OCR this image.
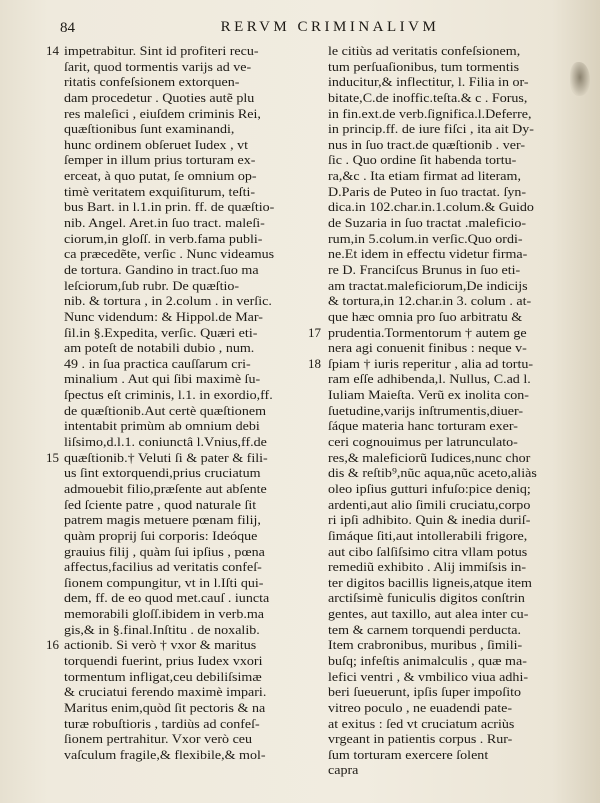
84	RERVM CRIMINALIVM
14 impetrabitur. Sint id profiteri recu-
ſarit, quod tormentis varijs ad ve-
ritatis confeſsionem extorquen-
dam procedetur . Quoties autẽ plu
res maleſici , eiuſdem criminis Rei,
quæſtionibus ſunt examinandi,
hunc ordinem obſeruet Iudex , vt
ſemper in illum prius torturam ex-
erceat, à quo putat, ſe omnium op-
timè veritatem exquiſiturum, teſti-
bus Bart. in l.1.in prin. ff. de quæſtio-
nib. Angel. Aret.in ſuo tract. maleſi-
ciorum,in gloſſ. in verb.fama publi-
ca præcedẽte, verſic . Nunc videamus
de tortura. Gandino in tract.ſuo ma
leſciorum,ſub rubr. De quæſtio-
nib. & tortura , in 2.colum . in verſic.
Nunc videndum: & Hippol.de Mar-
ſil.in §.Expedita, verſic. Quæri eti-
am poteſt de notabili dubio , num.
49 . in ſua practica cauſſarum cri-
minalium . Aut qui ſibi maximè ſu-
ſpectus eſt criminis, l.1. in exordio,ff.
de quæſtionib.Aut certè quæſtionem
intentabit primùm ab omnium debi
liſsimo,d.l.1. coniunctâ l.Vnius,ff.de
15 quæſtionib.† Veluti ſi & pater & fili-
us ſint extorquendi,prius cruciatum
admouebit filio,præſente aut abſente
ſed ſciente patre , quod naturale ſit
patrem magis metuere pœnam filij,
quàm proprij ſui corporis: Ideóque
grauius filij , quàm ſui ipſius , pœna
affectus,facilius ad veritatis confeſ-
ſionem compungitur, vt in l.Iſti qui-
dem, ff. de eo quod met.cauſ . iuncta
memorabili gloſſ.ibidem in verb.ma
gis,& in §.final.Inſtitu . de noxalib.
16 actionib. Si verò † vxor & maritus
torquendi fuerint, prius Iudex vxori
tormentum infligat,ceu debiliſsimæ
& cruciatui ferendo maximè impari.
Maritus enim,quòd ſit pectoris & na
turæ robuſtioris , tardiùs ad confeſ-
ſionem pertrahitur. Vxor verò ceu
vaſculum fragile,& flexibile,& mol-
le citiùs ad veritatis confeſsionem,
tum perſuaſionibus, tum tormentis
inducitur,& inflectitur, l. Filia in or-
bitate,C.de inoffic.teſta.& c . Forus,
in fin.ext.de verb.ſignifica.l.Deferre,
in princip.ff. de iure fiſci , ita ait Dy-
nus in ſuo tract.de quæſtionib . ver-
ſic . Quo ordine ſit habenda tortu-
ra,&c . Ita etiam firmat ad literam,
D.Paris de Puteo in ſuo tractat. ſyn-
dica.in 102.char.in.1.colum.& Guido
de Suzaria in ſuo tractat .maleficio-
rum,in 5.colum.in verſic.Quo ordi-
ne.Et idem in effectu videtur firma-
re D. Franciſcus Brunus in ſuo eti-
am tractat.maleficiorum,De indicijs
& tortura,in 12.char.in 3. colum . at-
que hæc omnia pro ſuo arbitratu &
17 prudentia.Tormentorum † autem ge
nera agi conuenit finibus : neque v-
18 ſpiam † iuris reperitur , alia ad tortu-
ram eſſe adhibenda,l. Nullus, C.ad l.
Iuliam Maieſta. Verũ ex inolita con-
ſuetudine,varijs inſtrumentis,diuer-
ſáque materia hanc torturam exer-
ceri cognouimus per latrunculato-
res,& maleficiorũ Iudices,nunc chor
dis & reſtib⁹,nũc aqua,nũc aceto,aliàs
oleo ipſius gutturi infuſo:pice deniq;
ardenti,aut alio ſimili cruciatu,corpo
ri ipſi adhibito. Quin & inedia duriſ-
ſimáque ſiti,aut intollerabili frigore,
aut cibo ſalſiſsimo citra vllam potus
remediũ exhibito . Alij immiſsis in-
ter digitos bacillis ligneis,atque item
arctiſsimè funiculis digitos conſtrin
gentes, aut taxillo, aut alea inter cu-
tem & carnem torquendi perducta.
Item crabronibus, muribus , ſimili-
buſq; infeſtis animalculis , quæ ma-
lefici ventri , & vmbilico viua adhi-
beri ſueuerunt, ipſis ſuper impoſito
vitreo poculo , ne euadendi pate-
at exitus : ſed vt cruciatum acriùs
vrgeant in patientis corpus . Rur-
ſum torturam exercere ſolent
capra
